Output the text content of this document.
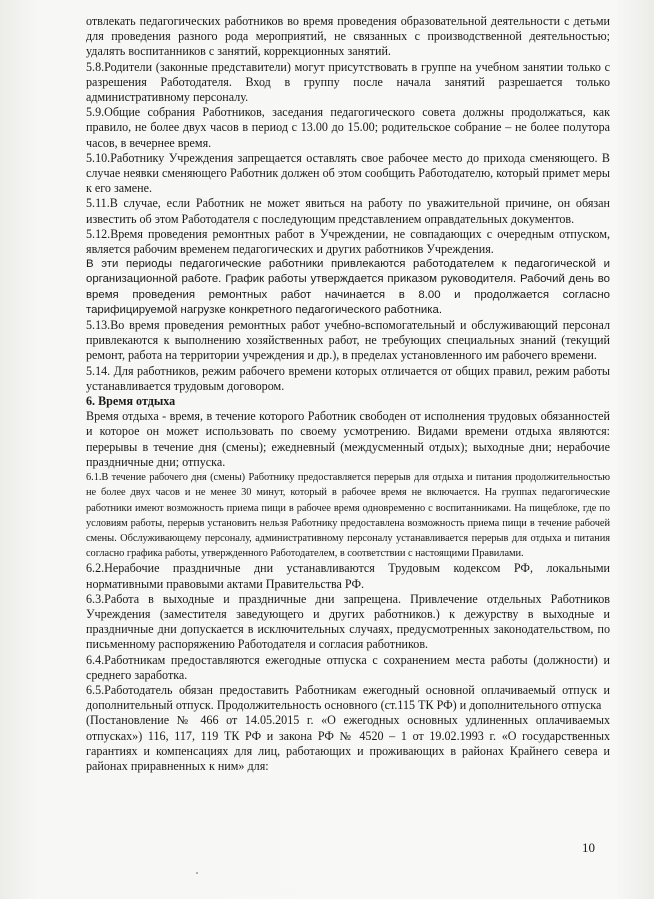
отвлекать педагогических работников во время проведения образовательной деятельности с детьми для проведения разного рода мероприятий, не связанных с производственной деятельностью; удалять воспитанников с занятий, коррекционных занятий.

5.8.Родители (законные представители) могут присутствовать в группе на учебном занятии только с разрешения Работодателя. Вход в группу после начала занятий разрешается только административному персоналу.

5.9.Общие собрания Работников, заседания педагогического совета должны продолжаться, как правило, не более двух часов в период с 13.00 до 15.00; родительское собрание – не более полутора часов, в вечернее время.

5.10.Работнику Учреждения запрещается оставлять свое рабочее место до прихода сменяющего. В случае неявки сменяющего Работник должен об этом сообщить Работодателю, который примет меры к его замене.

5.11.В случае, если Работник не может явиться на работу по уважительной причине, он обязан известить об этом Работодателя с последующим представлением оправдательных документов.

5.12.Время проведения ремонтных работ в Учреждении, не совпадающих с очередным отпуском, является рабочим временем педагогических и других работников Учреждения.

В эти периоды педагогические работники привлекаются работодателем к педагогической и организационной работе. График работы утверждается приказом руководителя. Рабочий день во время проведения ремонтных работ начинается в 8.00 и продолжается согласно тарифицируемой нагрузке конкретного педагогического работника.

5.13.Во время проведения ремонтных работ учебно-вспомогательный и обслуживающий персонал привлекаются к выполнению хозяйственных работ, не требующих специальных знаний (текущий ремонт, работа на территории учреждения и др.), в пределах установленного им рабочего времени.

5.14. Для работников, режим рабочего времени которых отличается от общих правил, режим работы устанавливается трудовым договором.

6. Время отдыха

Время отдыха - время, в течение которого Работник свободен от исполнения трудовых обязанностей и которое он может использовать по своему усмотрению. Видами времени отдыха являются: перерывы в течение дня (смены); ежедневный (междусменный отдых); выходные дни; нерабочие праздничные дни; отпуска.

6.1.В течение рабочего дня (смены) Работнику предоставляется перерыв для отдыха и питания продолжительностью не более двух часов и не менее 30 минут, который в рабочее время не включается. На группах педагогические работники имеют возможность приема пищи в рабочее время одновременно с воспитанниками. На пищеблоке, где по условиям работы, перерыв установить нельзя Работнику предоставлена возможность приема пищи в течение рабочей смены. Обслуживающему персоналу, административному персоналу устанавливается перерыв для отдыха и питания согласно графика работы, утвержденного Работодателем, в соответствии с настоящими Правилами.

6.2.Нерабочие праздничные дни устанавливаются Трудовым кодексом РФ, локальными нормативными правовыми актами Правительства РФ.

6.3.Работа в выходные и праздничные дни запрещена. Привлечение отдельных Работников Учреждения (заместителя заведующего и других работников.) к дежурству в выходные и праздничные дни допускается в исключительных случаях, предусмотренных законодательством, по письменному распоряжению Работодателя и согласия работников.

6.4.Работникам предоставляются ежегодные отпуска с сохранением места работы (должности) и среднего заработка.

6.5.Работодатель обязан предоставить Работникам ежегодный основной оплачиваемый отпуск и дополнительный отпуск. Продолжительность основного (ст.115 ТК РФ) и дополнительного отпуска

(Постановление № 466 от 14.05.2015 г. «О ежегодных основных удлиненных оплачиваемых отпусках») 116, 117, 119 ТК РФ и закона РФ № 4520 – 1 от 19.02.1993 г. «О государственных гарантиях и компенсациях для лиц, работающих и проживающих в районах Крайнего севера и районах приравненных к ним» для:

10
